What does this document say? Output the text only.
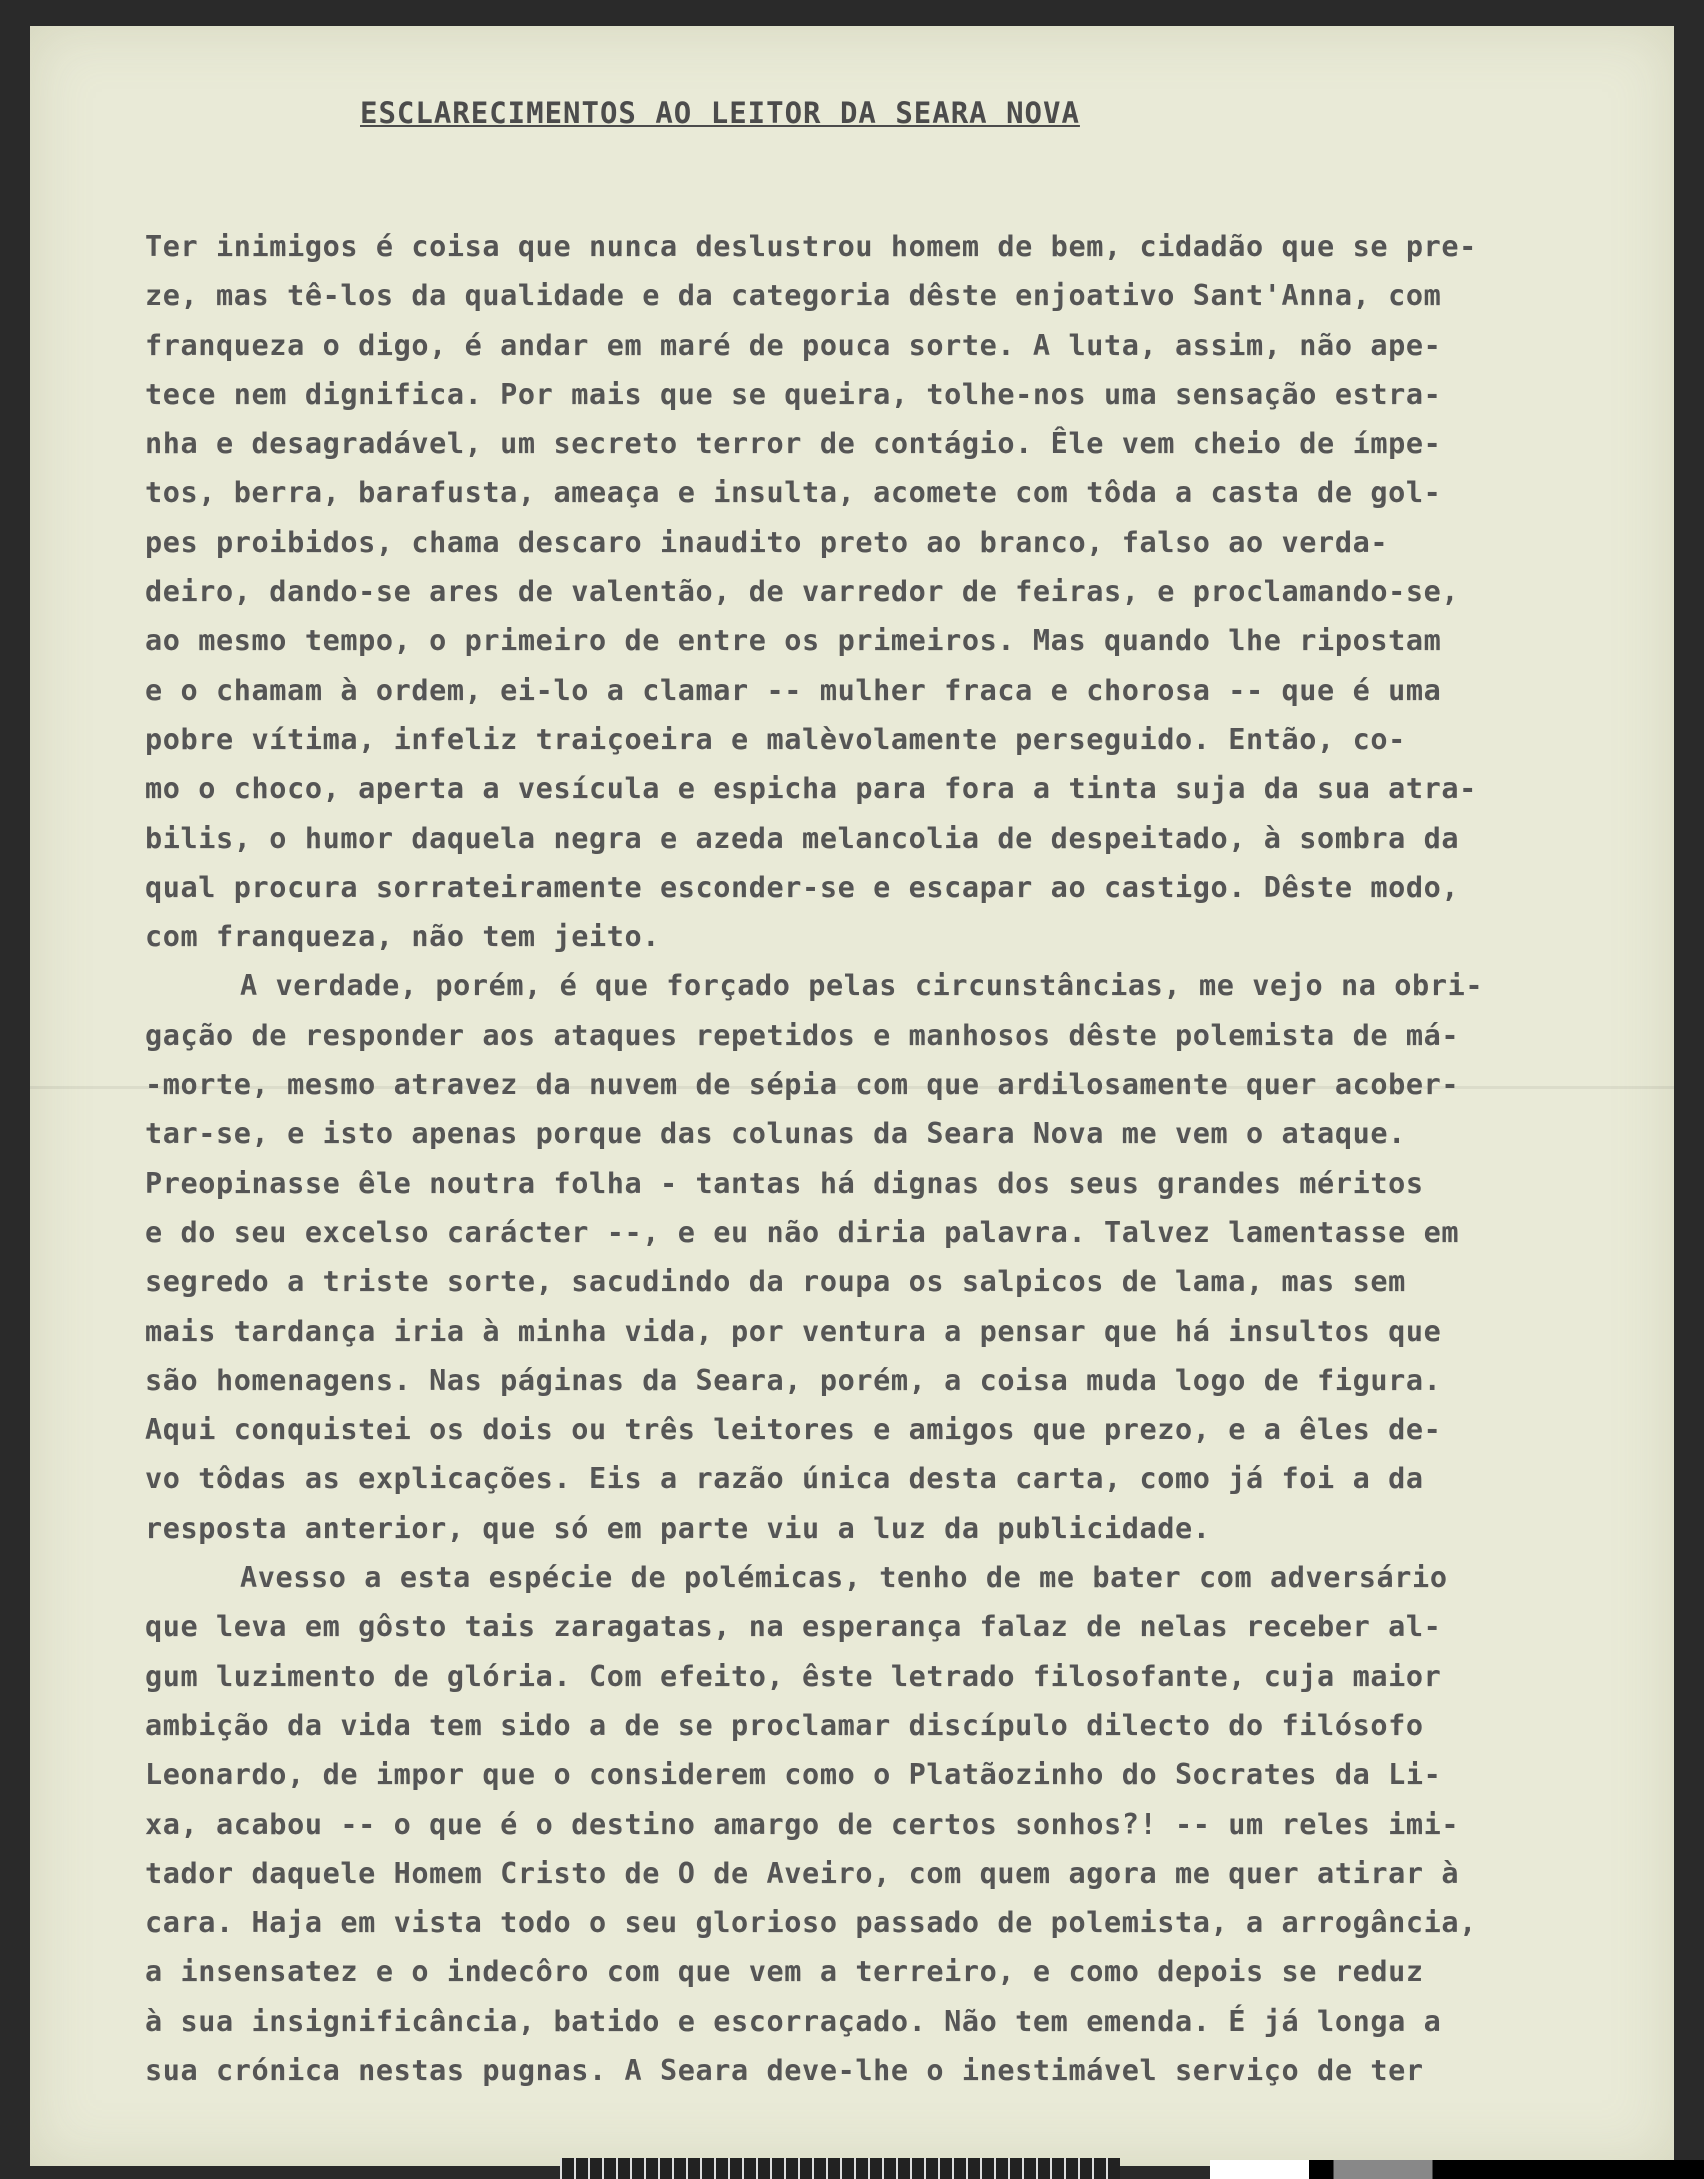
ESCLARECIMENTOS AO LEITOR DA SEARA NOVA
Ter inimigos é coisa que nunca deslustrou homem de bem, cidadão que se pre-
ze, mas tê-los da qualidade e da categoria dêste enjoativo Sant'Anna, com
franqueza o digo, é andar em maré de pouca sorte. A luta, assim, não ape-
tece nem dignifica. Por mais que se queira, tolhe-nos uma sensação estra-
nha e desagradável, um secreto terror de contágio. Êle vem cheio de ímpe-
tos, berra, barafusta, ameaça e insulta, acomete com tôda a casta de gol-
pes proibidos, chama descaro inaudito preto ao branco, falso ao verda-
deiro, dando-se ares de valentão, de varredor de feiras, e proclamando-se,
ao mesmo tempo, o primeiro de entre os primeiros. Mas quando lhe ripostam
e o chamam à ordem, ei-lo a clamar -- mulher fraca e chorosa -- que é uma
pobre vítima, infeliz traiçoeira e malèvolamente perseguido. Então, co-
mo o choco, aperta a vesícula e espicha para fora a tinta suja da sua atra-
bilis, o humor daquela negra e azeda melancolia de despeitado, à sombra da
qual procura sorrateiramente esconder-se e escapar ao castigo. Dêste modo,
com franqueza, não tem jeito.
A verdade, porém, é que forçado pelas circunstâncias, me vejo na obri-
gação de responder aos ataques repetidos e manhosos dêste polemista de má-
-morte, mesmo atravez da nuvem de sépia com que ardilosamente quer acober-
tar-se, e isto apenas porque das colunas da Seara Nova me vem o ataque.
Preopinasse êle noutra folha - tantas há dignas dos seus grandes méritos
e do seu excelso carácter --, e eu não diria palavra. Talvez lamentasse em
segredo a triste sorte, sacudindo da roupa os salpicos de lama, mas sem
mais tardança iria à minha vida, por ventura a pensar que há insultos que
são homenagens. Nas páginas da Seara, porém, a coisa muda logo de figura.
Aqui conquistei os dois ou três leitores e amigos que prezo, e a êles de-
vo tôdas as explicações. Eis a razão única desta carta, como já foi a da
resposta anterior, que só em parte viu a luz da publicidade.
Avesso a esta espécie de polémicas, tenho de me bater com adversário
que leva em gôsto tais zaragatas, na esperança falaz de nelas receber al-
gum luzimento de glória. Com efeito, êste letrado filosofante, cuja maior
ambição da vida tem sido a de se proclamar discípulo dilecto do filósofo
Leonardo, de impor que o considerem como o Platãozinho do Socrates da Li-
xa, acabou -- o que é o destino amargo de certos sonhos?! -- um reles imi-
tador daquele Homem Cristo de O de Aveiro, com quem agora me quer atirar à
cara. Haja em vista todo o seu glorioso passado de polemista, a arrogância,
a insensatez e o indecôro com que vem a terreiro, e como depois se reduz
à sua insignificância, batido e escorraçado. Não tem emenda. É já longa a
sua crónica nestas pugnas. A Seara deve-lhe o inestimável serviço de ter
